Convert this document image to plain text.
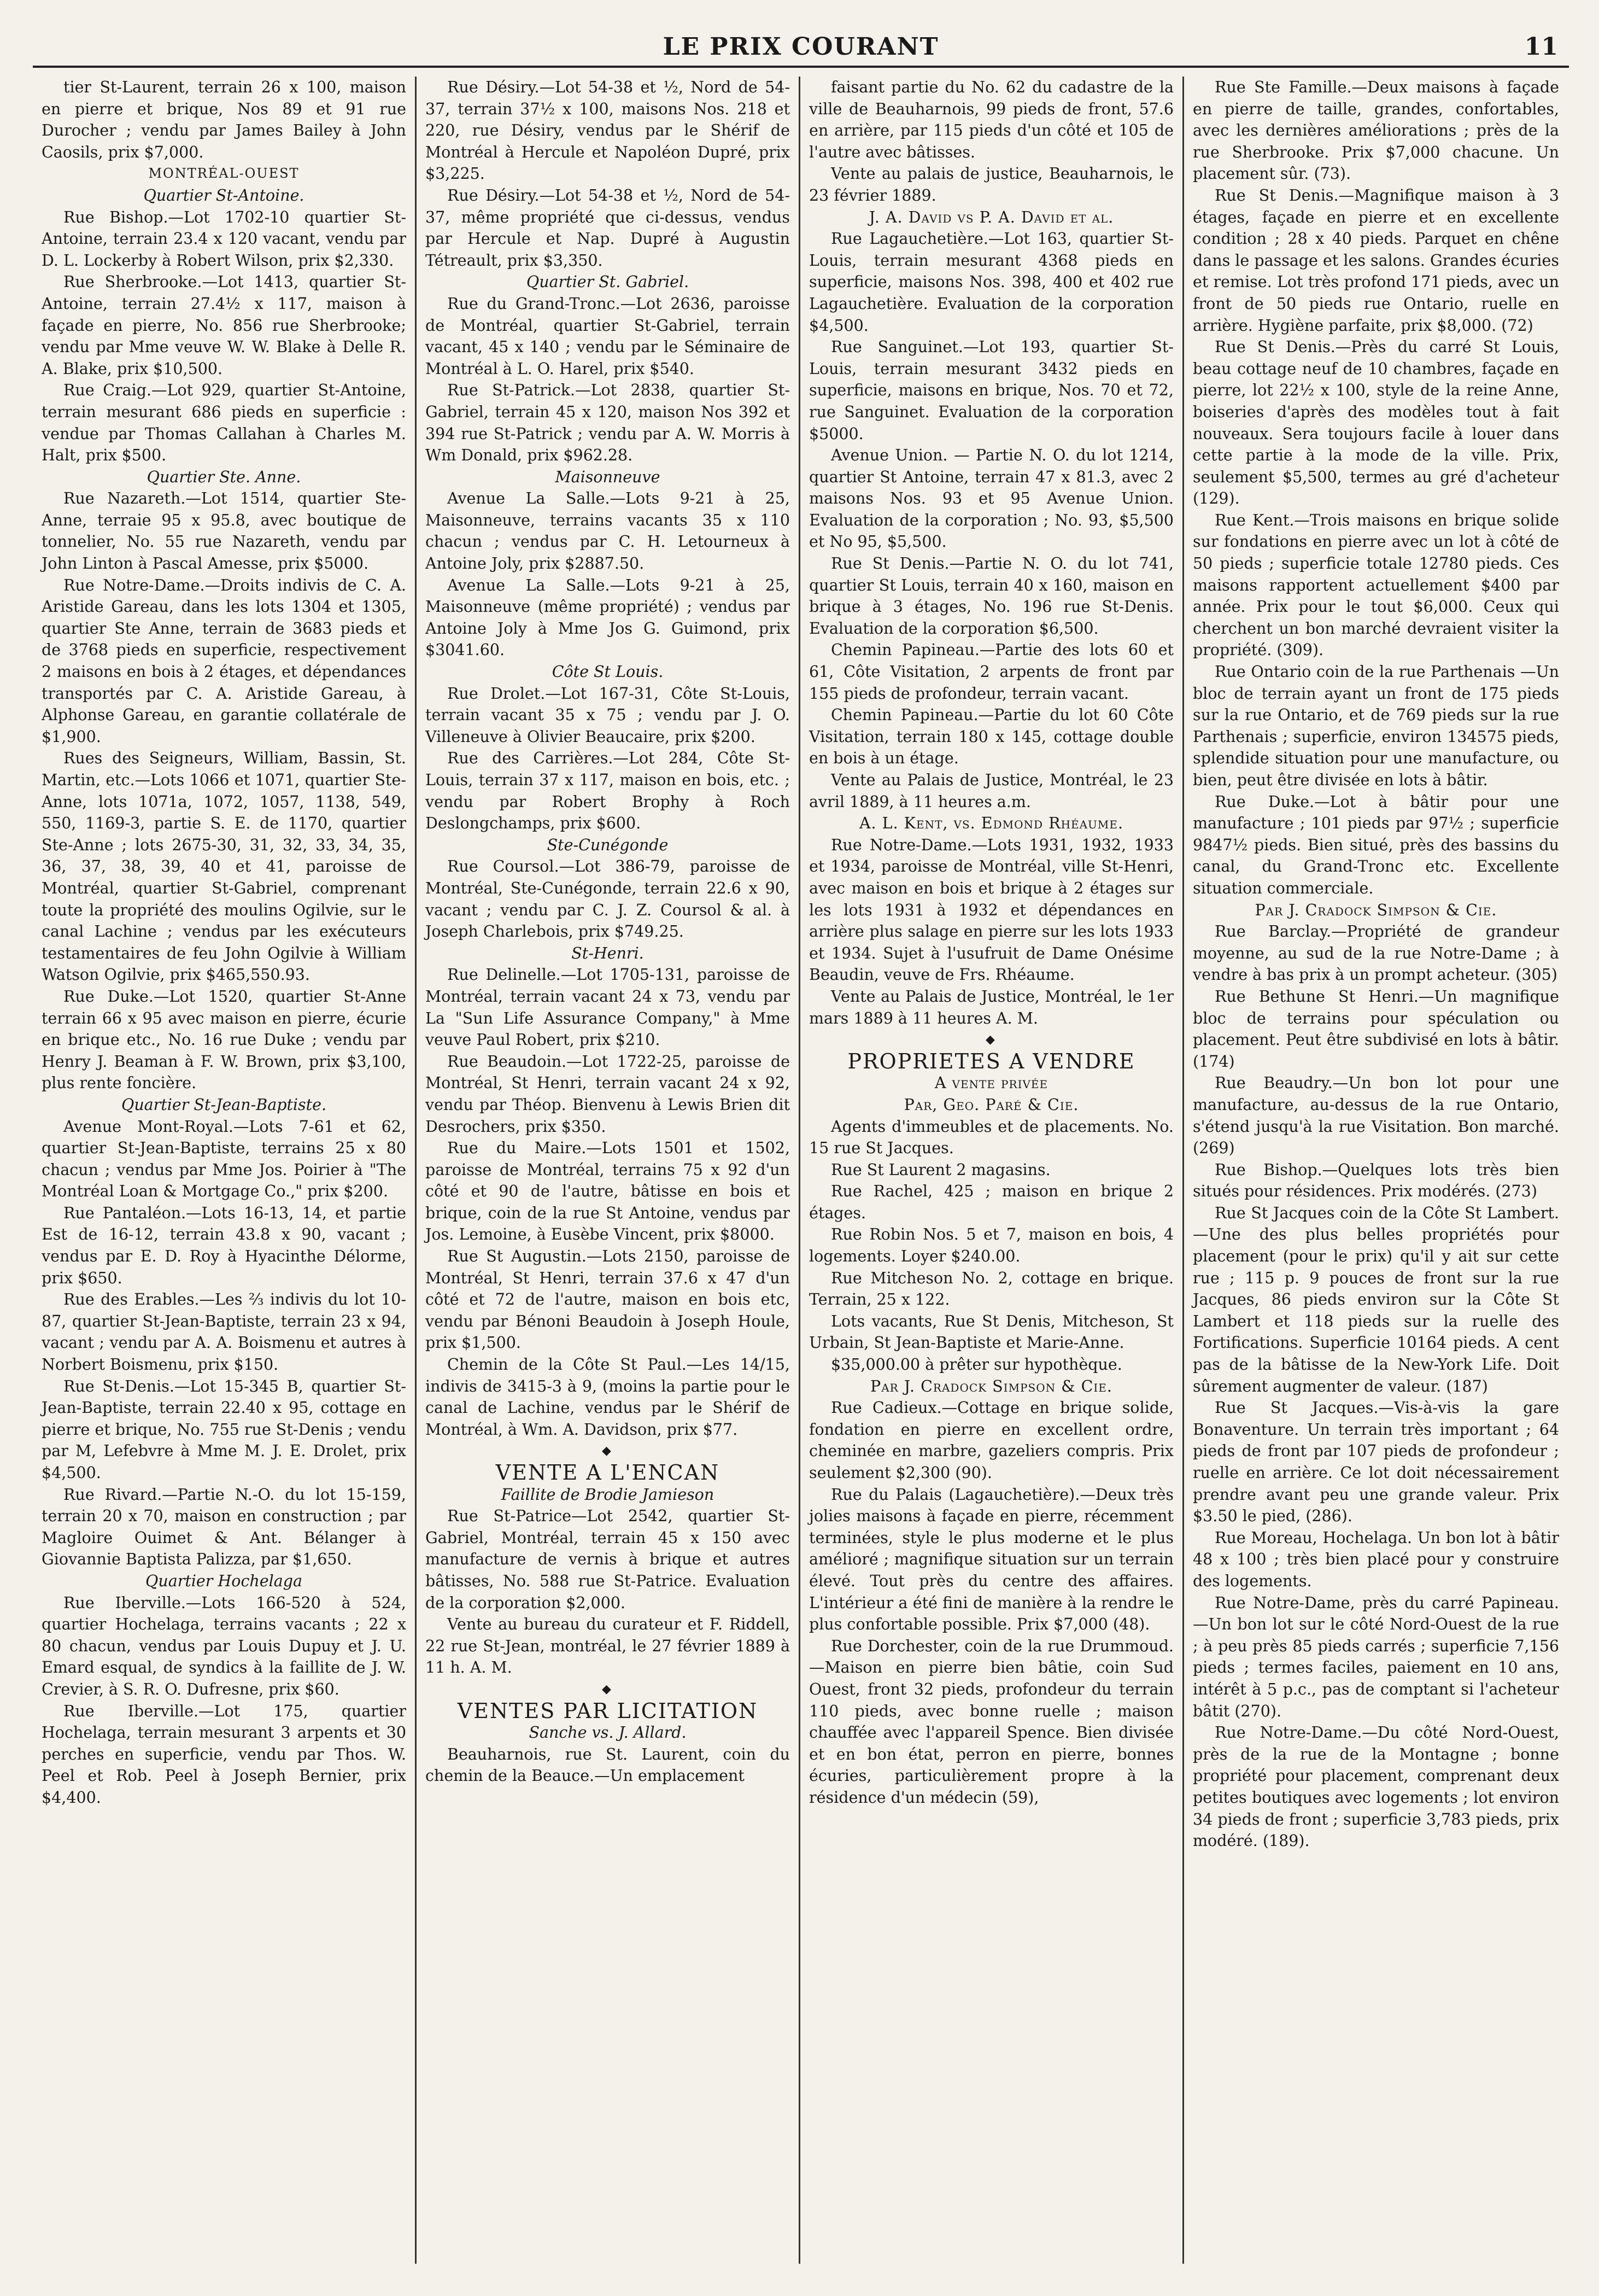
LE PRIX COURANT	11

tier St-Laurent, terrain 26 x 100, maison en pierre et brique, Nos 89 et 91 rue Durocher ; vendu par James Bailey à John Caosils, prix $7,000.

MONTRÉAL-OUEST

Quartier St-Antoine.

Rue Bishop.—Lot 1702-10 quartier St-Antoine, terrain 23.4 x 120 vacant, vendu par D. L. Lockerby à Robert Wilson, prix $2,330.

Rue Sherbrooke.—Lot 1413, quartier St-Antoine, terrain 27.4½ x 117, maison à façade en pierre, No. 856 rue Sherbrooke; vendu par Mme veuve W. W. Blake à Delle R. A. Blake, prix $10,500.

Rue Craig.—Lot 929, quartier St-Antoine, terrain mesurant 686 pieds en superficie : vendue par Thomas Callahan à Charles M. Halt, prix $500.

Quartier Ste. Anne.

Rue Nazareth.—Lot 1514, quartier Ste-Anne, terraie 95 x 95.8, avec boutique de tonnelier, No. 55 rue Nazareth, vendu par John Linton à Pascal Amesse, prix $5000.

Rue Notre-Dame.—Droits indivis de C. A. Aristide Gareau, dans les lots 1304 et 1305, quartier Ste Anne, terrain de 3683 pieds et de 3768 pieds en superficie, respectivement 2 maisons en bois à 2 étages, et dépendances transportés par C. A. Aristide Gareau, à Alphonse Gareau, en garantie collatérale de $1,900.

Rues des Seigneurs, William, Bassin, St. Martin, etc.—Lots 1066 et 1071, quartier Ste-Anne, lots 1071a, 1072, 1057, 1138, 549, 550, 1169-3, partie S. E. de 1170, quartier Ste-Anne ; lots 2675-30, 31, 32, 33, 34, 35, 36, 37, 38, 39, 40 et 41, paroisse de Montréal, quartier St-Gabriel, comprenant toute la propriété des moulins Ogilvie, sur le canal Lachine ; vendus par les exécuteurs testamentaires de feu John Ogilvie à William Watson Ogilvie, prix $465,550.93.

Rue Duke.—Lot 1520, quartier St-Anne terrain 66 x 95 avec maison en pierre, écurie en brique etc., No. 16 rue Duke ; vendu par Henry J. Beaman à F. W. Brown, prix $3,100, plus rente foncière.

Quartier St-Jean-Baptiste.

Avenue Mont-Royal.—Lots 7-61 et 62, quartier St-Jean-Baptiste, terrains 25 x 80 chacun ; vendus par Mme Jos. Poirier à "The Montréal Loan & Mortgage Co.," prix $200.

Rue Pantaléon.—Lots 16-13, 14, et partie Est de 16-12, terrain 43.8 x 90, vacant ; vendus par E. D. Roy à Hyacinthe Délorme, prix $650.

Rue des Erables.—Les ⅔ indivis du lot 10-87, quartier St-Jean-Baptiste, terrain 23 x 94, vacant ; vendu par A. A. Boismenu et autres à Norbert Boismenu, prix $150.

Rue St-Denis.—Lot 15-345 B, quartier St-Jean-Baptiste, terrain 22.40 x 95, cottage en pierre et brique, No. 755 rue St-Denis ; vendu par M, Lefebvre à Mme M. J. E. Drolet, prix $4,500.

Rue Rivard.—Partie N.-O. du lot 15-159, terrain 20 x 70, maison en construction ; par Magloire Ouimet & Ant. Bélanger à Giovannie Baptista Palizza, par $1,650.

Quartier Hochelaga

Rue Iberville.—Lots 166-520 à 524, quartier Hochelaga, terrains vacants ; 22 x 80 chacun, vendus par Louis Dupuy et J. U. Emard esqual, de syndics à la faillite de J. W. Crevier, à S. R. O. Dufresne, prix $60.

Rue Iberville.—Lot 175, quartier Hochelaga, terrain mesurant 3 arpents et 30 perches en superficie, vendu par Thos. W. Peel et Rob. Peel à Joseph Bernier, prix $4,400.

Rue Désiry.—Lot 54-38 et ½, Nord de 54-37, terrain 37½ x 100, maisons Nos. 218 et 220, rue Désiry, vendus par le Shérif de Montréal à Hercule et Napoléon Dupré, prix $3,225.

Rue Désiry.—Lot 54-38 et ½, Nord de 54-37, même propriété que ci-dessus, vendus par Hercule et Nap. Dupré à Augustin Tétreault, prix $3,350.

Quartier St. Gabriel.

Rue du Grand-Tronc.—Lot 2636, paroisse de Montréal, quartier St-Gabriel, terrain vacant, 45 x 140 ; vendu par le Séminaire de Montréal à L. O. Harel, prix $540.

Rue St-Patrick.—Lot 2838, quartier St-Gabriel, terrain 45 x 120, maison Nos 392 et 394 rue St-Patrick ; vendu par A. W. Morris à Wm Donald, prix $962.28.

Maisonneuve

Avenue La Salle.—Lots 9-21 à 25, Maisonneuve, terrains vacants 35 x 110 chacun ; vendus par C. H. Letourneux à Antoine Joly, prix $2887.50.

Avenue La Salle.—Lots 9-21 à 25, Maisonneuve (même propriété) ; vendus par Antoine Joly à Mme Jos G. Guimond, prix $3041.60.

Côte St Louis.

Rue Drolet.—Lot 167-31, Côte St-Louis, terrain vacant 35 x 75 ; vendu par J. O. Villeneuve à Olivier Beaucaire, prix $200.

Rue des Carrières.—Lot 284, Côte St-Louis, terrain 37 x 117, maison en bois, etc. ; vendu par Robert Brophy à Roch Deslongchamps, prix $600.

Ste-Cunégonde

Rue Coursol.—Lot 386-79, paroisse de Montréal, Ste-Cunégonde, terrain 22.6 x 90, vacant ; vendu par C. J. Z. Coursol & al. à Joseph Charlebois, prix $749.25.

St-Henri.

Rue Delinelle.—Lot 1705-131, paroisse de Montréal, terrain vacant 24 x 73, vendu par La "Sun Life Assurance Company," à Mme veuve Paul Robert, prix $210.

Rue Beaudoin.—Lot 1722-25, paroisse de Montréal, St Henri, terrain vacant 24 x 92, vendu par Théop. Bienvenu à Lewis Brien dit Desrochers, prix $350.

Rue du Maire.—Lots 1501 et 1502, paroisse de Montréal, terrains 75 x 92 d'un côté et 90 de l'autre, bâtisse en bois et brique, coin de la rue St Antoine, vendus par Jos. Lemoine, à Eusèbe Vincent, prix $8000.

Rue St Augustin.—Lots 2150, paroisse de Montréal, St Henri, terrain 37.6 x 47 d'un côté et 72 de l'autre, maison en bois etc, vendu par Bénoni Beaudoin à Joseph Houle, prix $1,500.

Chemin de la Côte St Paul.—Les 14/15, indivis de 3415-3 à 9, (moins la partie pour le canal de Lachine, vendus par le Shérif de Montréal, à Wm. A. Davidson, prix $77.

◆

VENTE A L'ENCAN

Faillite de Brodie Jamieson

Rue St-Patrice—Lot 2542, quartier St-Gabriel, Montréal, terrain 45 x 150 avec manufacture de vernis à brique et autres bâtisses, No. 588 rue St-Patrice. Evaluation de la corporation $2,000.

Vente au bureau du curateur et F. Riddell, 22 rue St-Jean, montréal, le 27 février 1889 à 11 h. A. M.

◆

VENTES PAR LICITATION

Sanche vs. J. Allard.

Beauharnois, rue St. Laurent, coin du chemin de la Beauce.—Un emplacement

faisant partie du No. 62 du cadastre de la ville de Beauharnois, 99 pieds de front, 57.6 en arrière, par 115 pieds d'un côté et 105 de l'autre avec bâtisses.

Vente au palais de justice, Beauharnois, le 23 février 1889.

J. A. David vs P. A. David et al.

Rue Lagauchetière.—Lot 163, quartier St-Louis, terrain mesurant 4368 pieds en superficie, maisons Nos. 398, 400 et 402 rue Lagauchetière. Evaluation de la corporation $4,500.

Rue Sanguinet.—Lot 193, quartier St-Louis, terrain mesurant 3432 pieds en superficie, maisons en brique, Nos. 70 et 72, rue Sanguinet. Evaluation de la corporation $5000.

Avenue Union. — Partie N. O. du lot 1214, quartier St Antoine, terrain 47 x 81.3, avec 2 maisons Nos. 93 et 95 Avenue Union. Evaluation de la corporation ; No. 93, $5,500 et No 95, $5,500.

Rue St Denis.—Partie N. O. du lot 741, quartier St Louis, terrain 40 x 160, maison en brique à 3 étages, No. 196 rue St-Denis. Evaluation de la corporation $6,500.

Chemin Papineau.—Partie des lots 60 et 61, Côte Visitation, 2 arpents de front par 155 pieds de profondeur, terrain vacant.

Chemin Papineau.—Partie du lot 60 Côte Visitation, terrain 180 x 145, cottage double en bois à un étage.

Vente au Palais de Justice, Montréal, le 23 avril 1889, à 11 heures a.m.

A. L. Kent, vs. Edmond Rhéaume.

Rue Notre-Dame.—Lots 1931, 1932, 1933 et 1934, paroisse de Montréal, ville St-Henri, avec maison en bois et brique à 2 étages sur les lots 1931 à 1932 et dépendances en arrière plus salage en pierre sur les lots 1933 et 1934. Sujet à l'usufruit de Dame Onésime Beaudin, veuve de Frs. Rhéaume.

Vente au Palais de Justice, Montréal, le 1er mars 1889 à 11 heures A. M.

◆

PROPRIETES A VENDRE

A vente privée

Par, Geo. Paré & Cie.

Agents d'immeubles et de placements. No. 15 rue St Jacques.

Rue St Laurent 2 magasins.

Rue Rachel, 425 ; maison en brique 2 étages.

Rue Robin Nos. 5 et 7, maison en bois, 4 logements. Loyer $240.00.

Rue Mitcheson No. 2, cottage en brique. Terrain, 25 x 122.

Lots vacants, Rue St Denis, Mitcheson, St Urbain, St Jean-Baptiste et Marie-Anne.

$35,000.00 à prêter sur hypothèque.

Par J. Cradock Simpson & Cie.

Rue Cadieux.—Cottage en brique solide, fondation en pierre en excellent ordre, cheminée en marbre, gazeliers compris. Prix seulement $2,300 (90).

Rue du Palais (Lagauchetière).—Deux très jolies maisons à façade en pierre, récemment terminées, style le plus moderne et le plus amélioré ; magnifique situation sur un terrain élevé. Tout près du centre des affaires. L'intérieur a été fini de manière à la rendre le plus confortable possible. Prix $7,000 (48).

Rue Dorchester, coin de la rue Drummoud.—Maison en pierre bien bâtie, coin Sud Ouest, front 32 pieds, profondeur du terrain 110 pieds, avec bonne ruelle ; maison chauffée avec l'appareil Spence. Bien divisée et en bon état, perron en pierre, bonnes écuries, particulièrement propre à la résidence d'un médecin (59),

Rue Ste Famille.—Deux maisons à façade en pierre de taille, grandes, confortables, avec les dernières améliorations ; près de la rue Sherbrooke. Prix $7,000 chacune. Un placement sûr. (73).

Rue St Denis.—Magnifique maison à 3 étages, façade en pierre et en excellente condition ; 28 x 40 pieds. Parquet en chêne dans le passage et les salons. Grandes écuries et remise. Lot très profond 171 pieds, avec un front de 50 pieds rue Ontario, ruelle en arrière. Hygiène parfaite, prix $8,000. (72)

Rue St Denis.—Près du carré St Louis, beau cottage neuf de 10 chambres, façade en pierre, lot 22½ x 100, style de la reine Anne, boiseries d'après des modèles tout à fait nouveaux. Sera toujours facile à louer dans cette partie à la mode de la ville. Prix, seulement $5,500, termes au gré d'acheteur (129).

Rue Kent.—Trois maisons en brique solide sur fondations en pierre avec un lot à côté de 50 pieds ; superficie totale 12780 pieds. Ces maisons rapportent actuellement $400 par année. Prix pour le tout $6,000. Ceux qui cherchent un bon marché devraient visiter la propriété. (309).

Rue Ontario coin de la rue Parthenais —Un bloc de terrain ayant un front de 175 pieds sur la rue Ontario, et de 769 pieds sur la rue Parthenais ; superficie, environ 134575 pieds, splendide situation pour une manufacture, ou bien, peut être divisée en lots à bâtir.

Rue Duke.—Lot à bâtir pour une manufacture ; 101 pieds par 97½ ; superficie 9847½ pieds. Bien situé, près des bassins du canal, du Grand-Tronc etc. Excellente situation commerciale.

Par J. Cradock Simpson & Cie.

Rue Barclay.—Propriété de grandeur moyenne, au sud de la rue Notre-Dame ; à vendre à bas prix à un prompt acheteur. (305)

Rue Bethune St Henri.—Un magnifique bloc de terrains pour spéculation ou placement. Peut être subdivisé en lots à bâtir. (174)

Rue Beaudry.—Un bon lot pour une manufacture, au-dessus de la rue Ontario, s'étend jusqu'à la rue Visitation. Bon marché. (269)

Rue Bishop.—Quelques lots très bien situés pour résidences. Prix modérés. (273)

Rue St Jacques coin de la Côte St Lambert.—Une des plus belles propriétés pour placement (pour le prix) qu'il y ait sur cette rue ; 115 p. 9 pouces de front sur la rue Jacques, 86 pieds environ sur la Côte St Lambert et 118 pieds sur la ruelle des Fortifications. Superficie 10164 pieds. A cent pas de la bâtisse de la New-York Life. Doit sûrement augmenter de valeur. (187)

Rue St Jacques.—Vis-à-vis la gare Bonaventure. Un terrain très important ; 64 pieds de front par 107 pieds de profondeur ; ruelle en arrière. Ce lot doit nécessairement prendre avant peu une grande valeur. Prix $3.50 le pied, (286).

Rue Moreau, Hochelaga. Un bon lot à bâtir 48 x 100 ; très bien placé pour y construire des logements.

Rue Notre-Dame, près du carré Papineau.—Un bon lot sur le côté Nord-Ouest de la rue ; à peu près 85 pieds carrés ; superficie 7,156 pieds ; termes faciles, paiement en 10 ans, intérêt à 5 p.c., pas de comptant si l'acheteur bâtit (270).

Rue Notre-Dame.—Du côté Nord-Ouest, près de la rue de la Montagne ; bonne propriété pour placement, comprenant deux petites boutiques avec logements ; lot environ 34 pieds de front ; superficie 3,783 pieds, prix modéré. (189).
